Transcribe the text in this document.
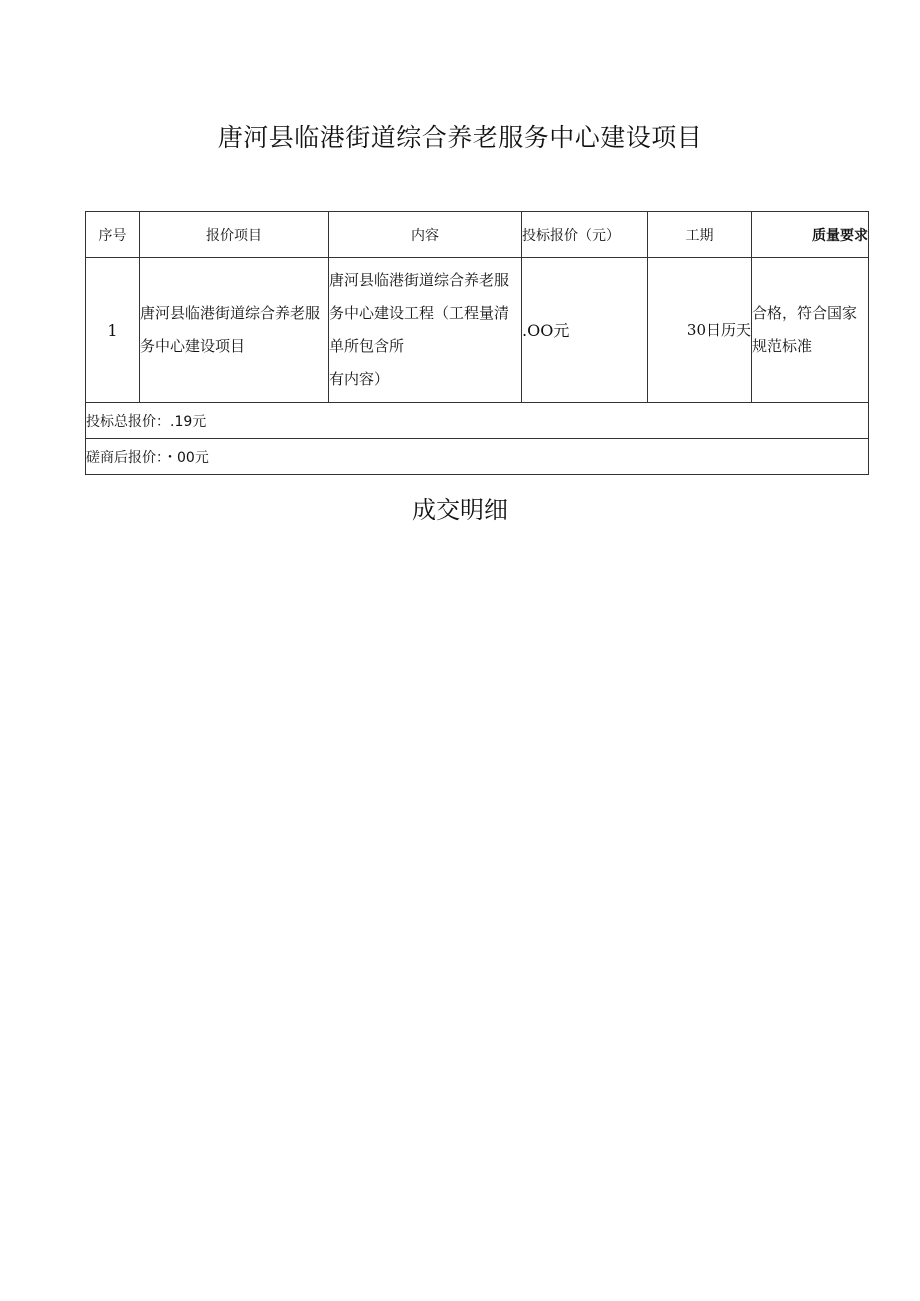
唐河县临港街道综合养老服务中心建设项目
序号	报价项目	内容	投标报价（元）	工期	质量要求
1	唐河县临港街道综合养老服务中心建设项目	唐河县临港街道综合养老服务中心建设工程（工程量清单所包含所
有内容）	.OO元	30日历天	合格，符合国家规范标准
投标总报价：.19元					
磋商后报价：・00元					
成交明细
